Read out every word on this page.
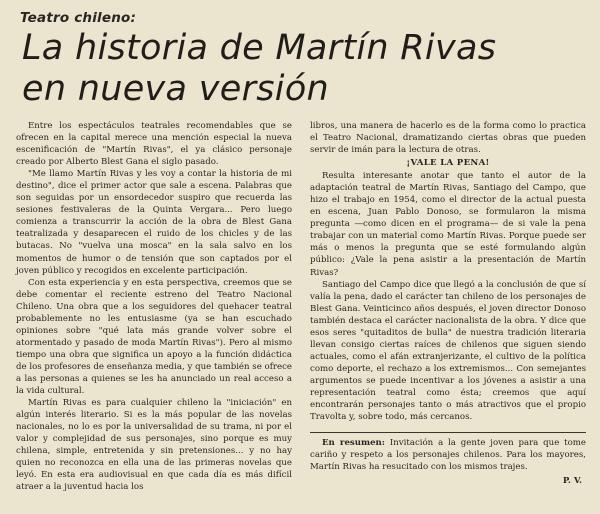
Teatro chileno:
La historia de Martín Rivas
en nueva versión

Entre los espectáculos teatrales recomendables que se ofrecen en la capital merece una mención especial la nueva escenificación de "Martín Rivas", el ya clásico personaje creado por Alberto Blest Gana el siglo pasado.

"Me llamo Martín Rivas y les voy a contar la historia de mi destino", dice el primer actor que sale a escena. Palabras que son seguidas por un ensordecedor suspiro que recuerda las sesiones festivaleras de la Quinta Vergara... Pero luego comienza a transcurrir la acción de la obra de Blest Gana teatralizada y desaparecen el ruido de los chicles y de las butacas. No "vuelva una mosca" en la sala salvo en los momentos de humor o de tensión que son captados por el joven público y recogidos en excelente participación.

Con esta experiencia y en esta perspectiva, creemos que se debe comentar el reciente estreno del Teatro Nacional Chileno. Una obra que a los seguidores del quehacer teatral probablemente no les entusiasme (ya se han escuchado opiniones sobre "qué lata más grande volver sobre el atormentado y pasado de moda Martín Rivas"). Pero al mismo tiempo una obra que significa un apoyo a la función didáctica de los profesores de enseñanza media, y que también se ofrece a las personas a quienes se les ha anunciado un real acceso a la vida cultural.

Martín Rivas es para cualquier chileno la "iniciación" en algún interés literario. Si es la más popular de las novelas nacionales, no lo es por la universalidad de su trama, ni por el valor y complejidad de sus personajes, sino porque es muy chilena, simple, entretenida y sin pretensiones... y no hay quien no reconozca en ella una de las primeras novelas que leyó. En esta era audiovisual en que cada día es más difícil atraer a la juventud hacia los

libros, una manera de hacerlo es de la forma como lo practica el Teatro Nacional, dramatizando ciertas obras que pueden servir de imán para la lectura de otras.

¡VALE LA PENA!

Resulta interesante anotar que tanto el autor de la adaptación teatral de Martín Rivas, Santiago del Campo, que hizo el trabajo en 1954, como el director de la actual puesta en escena, Juan Pablo Donoso, se formularon la misma pregunta —como dicen en el programa— de si vale la pena trabajar con un material como Martín Rivas. Porque puede ser más o menos la pregunta que se esté formulando algún público: ¿Vale la pena asistir a la presentación de Martín Rivas?

Santiago del Campo dice que llegó a la conclusión de que sí valía la pena, dado el carácter tan chileno de los personajes de Blest Gana. Veinticinco años después, el joven director Donoso también destaca el carácter nacionalista de la obra. Y dice que esos seres "quitaditos de bulla" de nuestra tradición literaria llevan consigo ciertas raíces de chilenos que siguen siendo actuales, como el afán extranjerizante, el cultivo de la política como deporte, el rechazo a los extremismos... Con semejantes argumentos se puede incentivar a los jóvenes a asistir a una representación teatral como ésta; creemos que aquí encontrarán personajes tanto o más atractivos que el propio Travolta y, sobre todo, más cercanos.

En resumen: Invitación a la gente joven para que tome cariño y respeto a los personajes chilenos. Para los mayores, Martín Rivas ha resucitado con los mismos trajes.

P. V.
